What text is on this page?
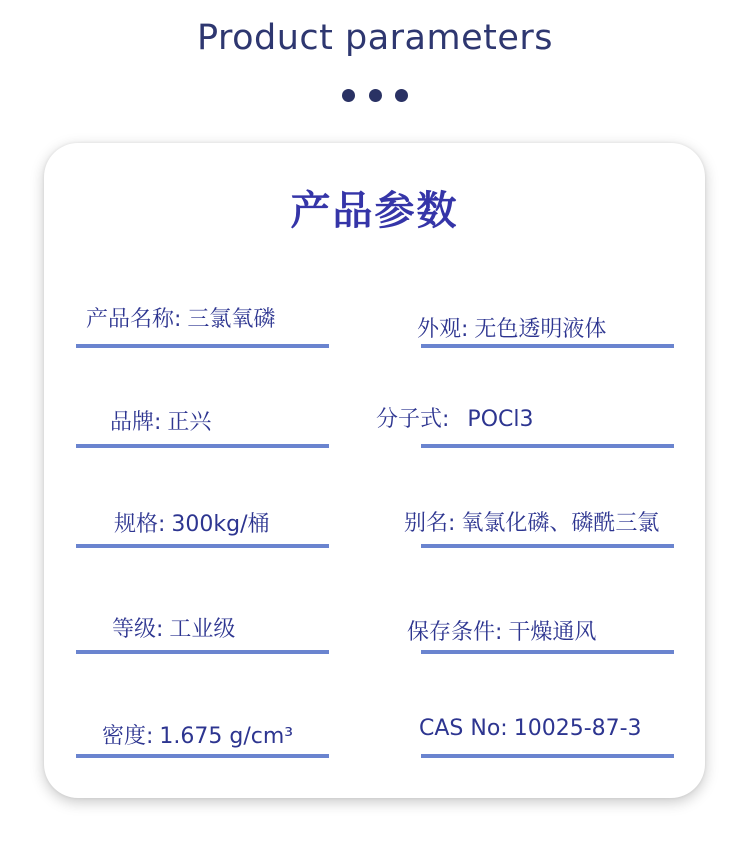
Product parameters
产品参数
产品名称: 三氯氧磷	外观: 无色透明液体
品牌: 正兴	分子式: POCl3
规格: 300kg/桶	别名: 氧氯化磷、磷酰三氯
等级: 工业级	保存条件: 干燥通风
密度: 1.675 g/cm³	CAS No: 10025-87-3
